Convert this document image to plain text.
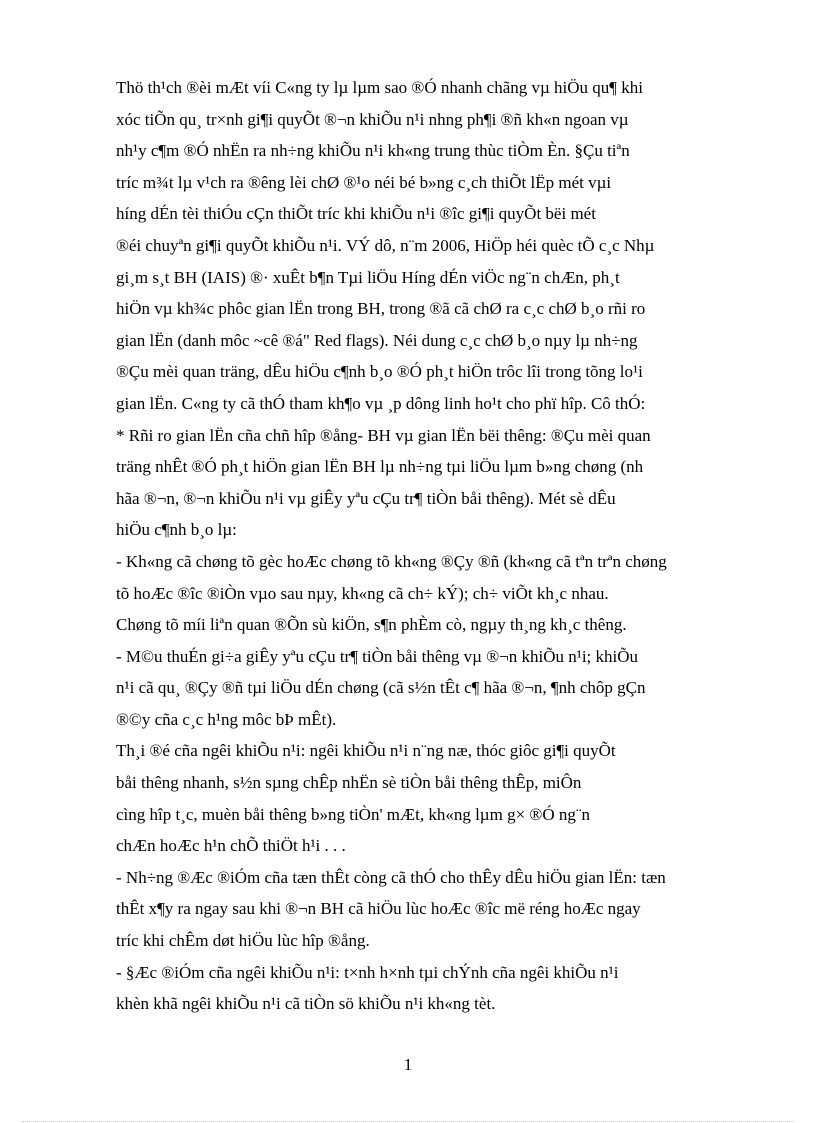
Thö th¹ch ®èi mÆt víi C«ng ty lµ lµm sao ®Ó nhanh chãng vµ hiÖu qu¶ khi
xóc tiÕn qu¸ tr×nh gi¶i quyÕt ®¬n khiÕu n¹i nhng ph¶i ®ñ kh«n ngoan vµ
nh¹y c¶m ®Ó nhËn ra nh÷ng khiÕu n¹i kh«ng trung thùc tiÒm Èn. §Çu tiªn
tríc m¾t lµ v¹ch ra ®êng lèi chØ ®¹o néi bé b»ng c¸ch thiÕt lËp mét vµi
híng dÉn tèi thiÓu cÇn thiÕt tríc khi khiÕu n¹i ®îc gi¶i quyÕt bëi mét
®éi chuyªn gi¶i quyÕt khiÕu n¹i. VÝ dô, n¨m 2006, HiÖp héi quèc tÕ c¸c Nhµ
gi¸m s¸t BH (IAIS) ®· xuÊt b¶n Tµi liÖu Híng dÉn viÖc ng¨n chÆn, ph¸t
hiÖn vµ kh¾c phôc gian lËn trong BH, trong ®ã cã chØ ra c¸c chØ b¸o rñi ro
gian lËn (danh môc ~cê ®á" Red flags). Néi dung c¸c chØ b¸o nµy lµ nh÷ng
®Çu mèi quan träng, dÊu hiÖu c¶nh b¸o ®Ó ph¸t hiÖn trôc lîi trong tõng lo¹i
gian lËn. C«ng ty cã thÓ tham kh¶o vµ ¸p dông linh ho¹t cho phï hîp. Cô thÓ:
* Rñi ro gian lËn cña chñ hîp ®ång- BH vµ gian lËn bëi thêng: ®Çu mèi quan
träng nhÊt ®Ó ph¸t hiÖn gian lËn BH lµ nh÷ng tµi liÖu lµm b»ng chøng (nh
hãa ®¬n, ®¬n khiÕu n¹i vµ giÊy yªu cÇu tr¶ tiÒn båi thêng). Mét sè dÊu
hiÖu c¶nh b¸o lµ:
- Kh«ng cã chøng tõ gèc hoÆc chøng tõ kh«ng ®Çy ®ñ (kh«ng cã tªn trªn chøng
tõ hoÆc ®îc ®iÒn vµo sau nµy, kh«ng cã ch÷ kÝ); ch÷ viÕt kh¸c nhau.
Chøng tõ míi liªn quan ®Õn sù kiÖn, s¶n phÈm cò, ngµy th¸ng kh¸c thêng.
- M©u thuÉn gi÷a giÊy yªu cÇu tr¶ tiÒn båi thêng vµ ®¬n khiÕu n¹i; khiÕu
n¹i cã qu¸ ®Çy ®ñ tµi liÖu dÉn chøng (cã s½n tÊt c¶ hãa ®¬n, ¶nh chôp gÇn
®©y cña c¸c h¹ng môc bÞ mÊt).
Th¸i ®é cña ngêi khiÕu n¹i: ngêi khiÕu n¹i n¨ng næ, thóc giôc gi¶i quyÕt
båi thêng nhanh, s½n sµng chÊp nhËn sè tiÒn båi thêng thÊp, miÔn
cìng hîp t¸c, muèn båi thêng b»ng tiÒn' mÆt, kh«ng lµm g× ®Ó ng¨n
chÆn hoÆc h¹n chÕ thiÖt h¹i . . .
- Nh÷ng ®Æc ®iÓm cña tæn thÊt còng cã thÓ cho thÊy dÊu hiÖu gian lËn: tæn
thÊt x¶y ra ngay sau khi ®¬n BH cã hiÖu lùc hoÆc ®îc më réng hoÆc ngay
tríc khi chÊm døt hiÖu lùc hîp ®ång.
- §Æc ®iÓm cña ngêi khiÕu n¹i: t×nh h×nh tµi chÝnh cña ngêi khiÕu n¹i
khèn khã ngêi khiÕu n¹i cã tiÒn sö khiÕu n¹i kh«ng tèt.
1
